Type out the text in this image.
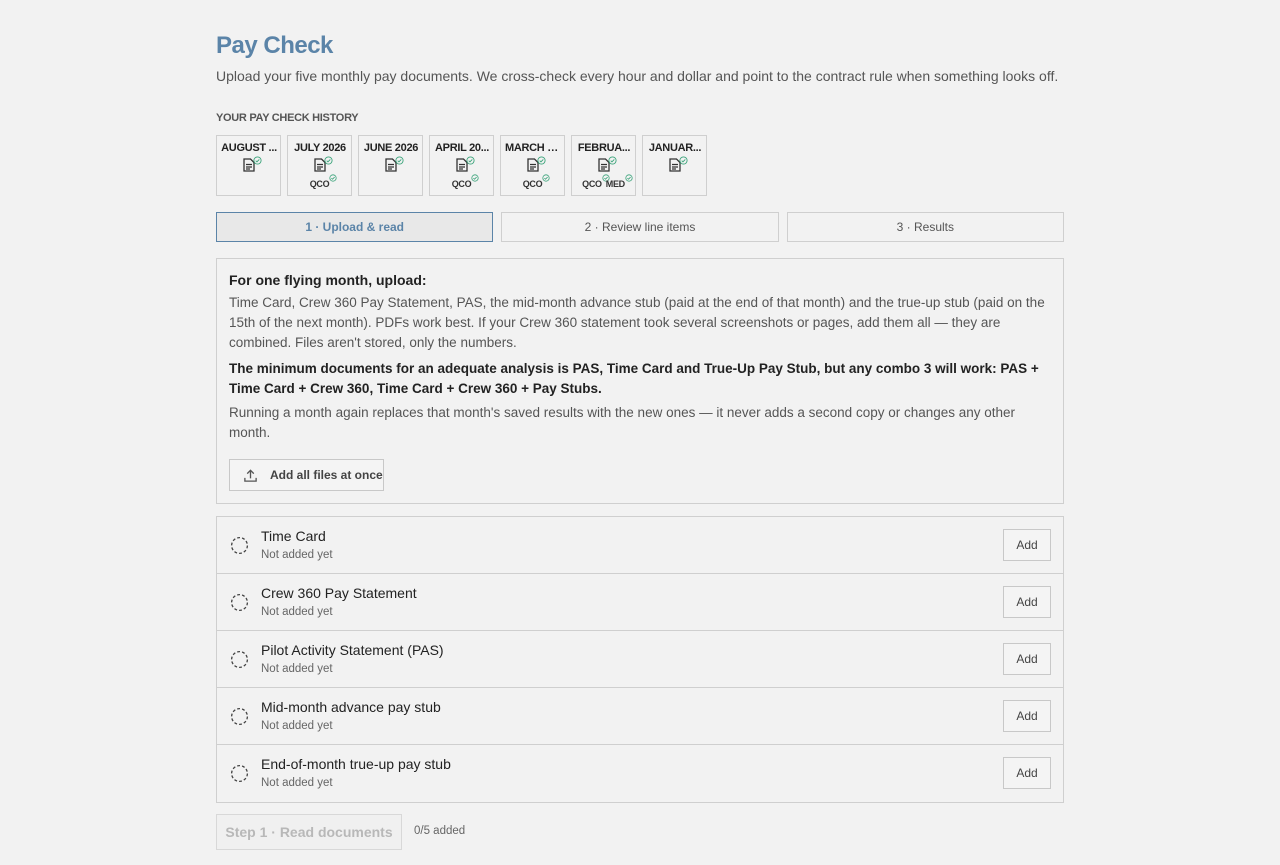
Pay Check

Upload your five monthly pay documents. We cross-check every hour and dollar and point to the contract rule when something looks off.

YOUR PAY CHECK HISTORY
AUGUST ... JULY 2026
QCO
JUNE 2026 APRIL 20...
QCO
MARCH 2...
QCO
FEBRUA...
QCO MED
JANUAR...
1 · Upload & read	2 · Review line items	3 · Results
For one flying month, upload:
Time Card, Crew 360 Pay Statement, PAS, the mid-month advance stub (paid at the end of that month) and the true-up stub (paid on the 15th of the next month). PDFs work best. If your Crew 360 statement took several screenshots or pages, add them all — they are combined. Files aren't stored, only the numbers.
The minimum documents for an adequate analysis is PAS, Time Card and True-Up Pay Stub, but any combo 3 will work: PAS + Time Card + Crew 360, Time Card + Crew 360 + Pay Stubs.
Running a month again replaces that month's saved results with the new ones — it never adds a second copy or changes any other month.
Add all files at once
Time Card
Not added yet
Add
Crew 360 Pay Statement
Not added yet
Add
Pilot Activity Statement (PAS)
Not added yet
Add
Mid-month advance pay stub
Not added yet
Add
End-of-month true-up pay stub
Not added yet
Add
Step 1 · Read documents	0/5 added
